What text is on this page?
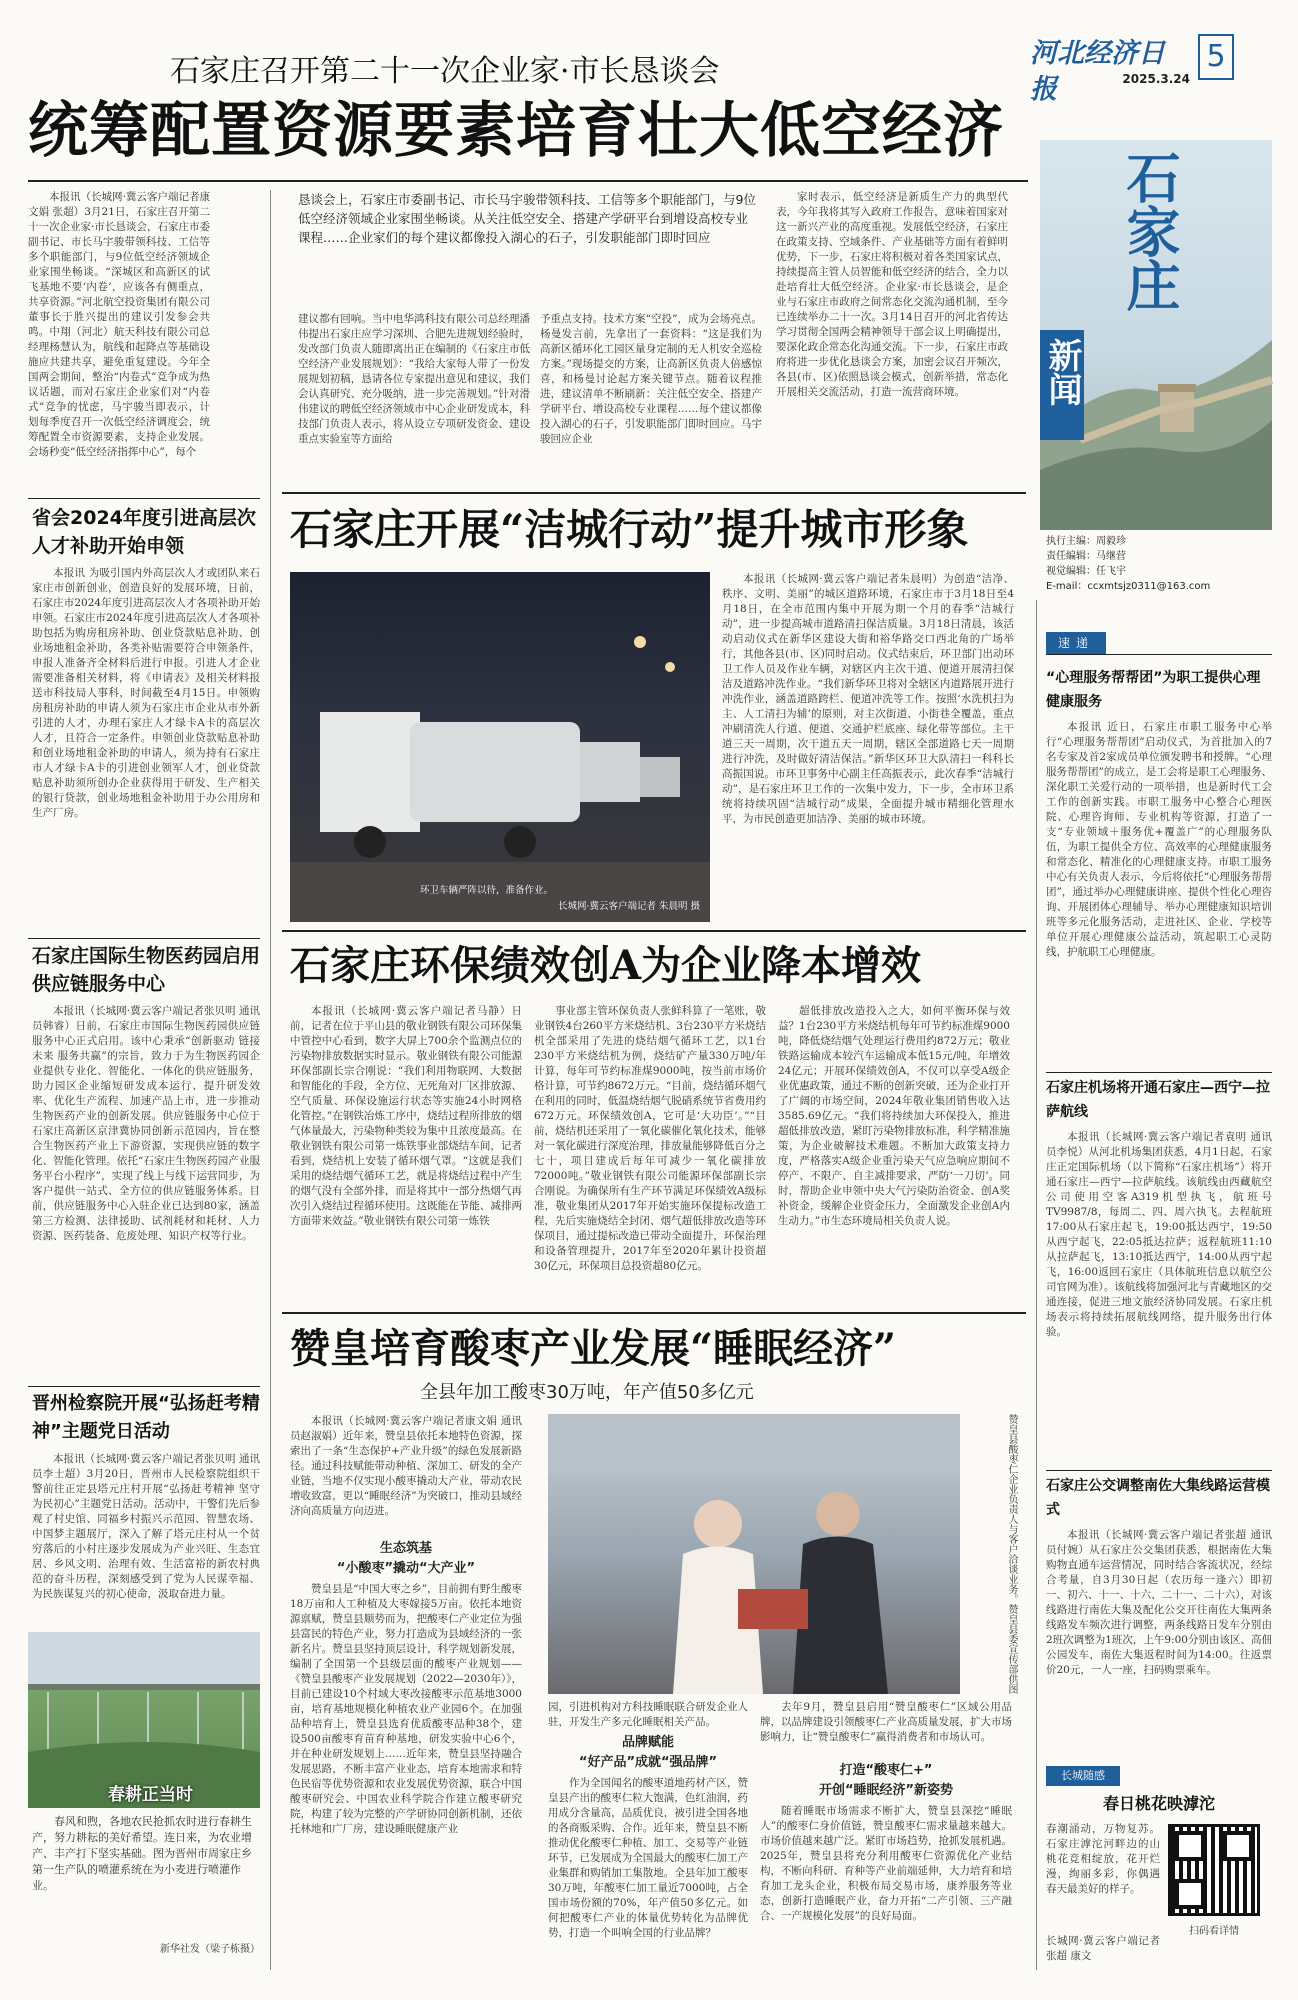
河北经济日报
5
2025.3.24
石家庄召开第二十一次企业家·市长恳谈会
统筹配置资源要素培育壮大低空经济
本报讯（长城网·冀云客户端记者康文娟 张超）3月21日，石家庄召开第二十一次企业家·市长恳谈会，石家庄市委副书记、市长马宇骏带领科技、工信等多个职能部门，与9位低空经济领域企业家围坐畅谈。“深城区和高新区的试飞基地不要‘内卷’，应该各有侧重点，共享资源。”河北航空投资集团有限公司董事长于胜兴提出的建议引发参会共鸣。中翔（河北）航天科技有限公司总经理杨慧认为，航线和起降点等基础设施应共建共享，避免重复建设。今年全国两会期间，整治“内卷式”竞争成为热议话题，而对石家庄企业家们对“内卷式”竞争的忧虑，马宇骏当即表示，计划每季度召开一次低空经济调度会，统筹配置全市资源要素，支持企业发展。会场秒变“低空经济指挥中心”，每个
恳谈会上，石家庄市委副书记、市长马宇骏带领科技、工信等多个职能部门，与9位低空经济领域企业家围坐畅谈。从关注低空安全、搭建产学研平台到增设高校专业课程……企业家们的每个建议都像投入湖心的石子，引发职能部门即时回应
建议都有回响。当中电华鸿科技有限公司总经理潘伟提出石家庄应学习深圳、合肥先进规划经验时，发改部门负责人随即离出正在编制的《石家庄市低空经济产业发展规划》：“我给大家每人带了一份发展规划初稿，恳请各位专家提出意见和建议，我们会认真研究、充分吸纳，进一步完善规划。”针对滑伟建议的聘低空经济领域市中心企业研发成本，科技部门负责人表示，将从设立专项研发资金、建设重点实验室等方面给
予重点支持。技术方案“空投”，成为会场亮点。杨曼发言前，先拿出了一套资料：“这是我们为高新区循环化工园区量身定制的无人机安全巡检方案。”现场提交的方案，让高新区负责人倍感惊喜，和杨曼讨论起方案关键节点。随着议程推进，建议清单不断刷新：关注低空安全、搭建产学研平台、增设高校专业课程……每个建议都像投入湖心的石子，引发职能部门即时回应。马宇骏回应企业
家时表示，低空经济是新质生产力的典型代表，今年我将其写入政府工作报告，意味着国家对这一新兴产业的高度重视。发展低空经济，石家庄在政策支持、空域条件、产业基础等方面有着鲜明优势，下一步，石家庄将积极对着各类国家试点，持续提高主管人员智能和低空经济的结合，全力以赴培育壮大低空经济。企业家·市长恳谈会，是企业与石家庄市政府之间常态化交流沟通机制，至今已连续举办二十一次。3月14日召开的河北省传达学习贯彻全国两会精神领导干部会议上明确提出，要深化政企常态化沟通交流。下一步，石家庄市政府将进一步优化恳谈会方案，加密会议召开频次，各县(市、区)依照恳谈会模式，创新举措，常态化开展相关交流活动，打造一流营商环境。
石家庄
新闻
执行主编：周毅珍
责任编辑：马继营
视觉编辑：任飞宇
E-mail：ccxmtsjz0311@163.com
省会2024年度引进高层次人才补助开始申领
本报讯 为吸引国内外高层次人才或团队来石家庄市创新创业，创造良好的发展环境，日前，石家庄市2024年度引进高层次人才各项补助开始申领。石家庄市2024年度引进高层次人才各项补助包括为购房租房补助、创业贷款贴息补助、创业场地租金补助，各类补贴需要符合申领条件，申报人准备齐全材料后进行申报。引进人才企业需要准备相关材料，将《申请表》及相关材料报送市科技局人事科，时间截至4月15日。申领购房租房补助的申请人须为石家庄市企业从市外新引进的人才，办理石家庄人才绿卡A卡的高层次人才，且符合一定条件。申领创业贷款贴息补助和创业场地租金补助的申请人，须为持有石家庄市人才绿卡A卡的引进创业领军人才，创业贷款贴息补助须所创办企业获得用于研发、生产相关的银行贷款，创业场地租金补助用于办公用房和生产厂房。
石家庄国际生物医药园启用供应链服务中心
本报讯（长城网·冀云客户端记者张贝明 通讯员韩睿）日前，石家庄市国际生物医药园供应链服务中心正式启用。该中心秉承“创新驱动 链接未来 服务共赢”的宗旨，致力于为生物医药园企业提供专业化、智能化、一体化的供应链服务，助力园区企业缩短研发成本运行、提升研发效率、优化生产流程、加速产品上市，进一步推动生物医药产业的创新发展。供应链服务中心位于石家庄高新区京津冀协同创新示范园内，旨在整合生物医药产业上下游资源，实现供应链的数字化、智能化管理。依托“石家庄生物医药园产业服务平台小程序”，实现了线上与线下运营同步，为客户提供一站式、全方位的供应链服务体系。目前，供应链服务中心入驻企业已达到80家，涵盖第三方检测、法律援助、试剂耗材和耗材、人力资源、医药装备、危废处理、知识产权等行业。
晋州检察院开展“弘扬赶考精神”主题党日活动
本报讯（长城网·冀云客户端记者张贝明 通讯员李士超）3月20日，晋州市人民检察院组织干警前往正定县塔元庄村开展“弘扬赶考精神 坚守为民初心”主题党日活动。活动中，干警们先后参观了村史馆、同福乡村振兴示范园、智慧农场、中国梦主题展厅，深入了解了塔元庄村从一个贫穷落后的小村庄逐步发展成为产业兴旺、生态宜居、乡风文明、治理有效、生活富裕的新农村典范的奋斗历程，深刻感受到了党为人民谋幸福、为民族谋复兴的初心使命，汲取奋进力量。
春耕正当时
春风和煦，各地农民抢抓农时进行春耕生产，努力耕耘的美好希望。连日来，为农业增产、丰产打下坚实基础。图为晋州市周家庄乡第一生产队的喷灌系统在为小麦进行喷灌作业。
新华社发（梁子栋摄）
石家庄开展“洁城行动”提升城市形象
环卫车辆严阵以待，准备作业。
长城网·冀云客户端记者 朱晨明 摄
本报讯（长城网·冀云客户端记者朱晨明）为创造“洁净、秩序、文明、美丽”的城区道路环境，石家庄市于3月18日至4月18日，在全市范围内集中开展为期一个月的春季“洁城行动”，进一步提高城市道路清扫保洁质量。3月18日清晨，该活动启动仪式在新华区建设大街和裕华路交口西北角的广场举行，其他各县(市、区)同时启动。仪式结束后，环卫部门出动环卫工作人员及作业车辆，对辖区内主次干道、便道开展清扫保洁及道路冲洗作业。“我们新华环卫将对全辖区内道路展开进行冲洗作业，涵盖道路跨栏、便道冲洗等工作。按照‘水洗机扫为主、人工清扫为辅’的原则，对主次街道、小街巷全覆盖，重点冲刷清洗人行道、便道、交通护栏底座、绿化带等部位。主干道三天一周期，次干道五天一周期，辖区全部道路七天一周期进行冲洗，及时做好清洁保洁。”新华区环卫大队清扫一科科长高振国说。市环卫事务中心副主任高振表示，此次春季“洁城行动”，是石家庄环卫工作的一次集中发力，下一步，全市环卫系统将持续巩固“洁城行动”成果，全面提升城市精细化管理水平，为市民创造更加洁净、美丽的城市环境。
石家庄环保绩效创A为企业降本增效
本报讯（长城网·冀云客户端记者马静）日前，记者在位于平山县的敬业钢铁有限公司环保集中管控中心看到，数字大屏上700余个监测点位的污染物排放数据实时显示。敬业钢铁有限公司能源环保部副长宗合刚说：“我们利用物联网、大数据和智能化的手段，全方位、无死角对厂区排放源、空气质量、环保设施运行状态等实施24小时网格化管控。”在钢铁冶炼工序中，烧结过程所排放的烟气体量最大，污染物种类较为集中且浓度最高。在敬业钢铁有限公司第一炼铁事业部烧结车间，记者看到，烧结机上安装了循环烟气罩。“这就是我们采用的烧结烟气循环工艺，就是将烧结过程中产生的烟气没有全部外排，而是将其中一部分热烟气再次引入烧结过程循环使用。这既能在节能、减排两方面带来效益。”敬业钢铁有限公司第一炼铁
事业部主管环保负责人张鲜科算了一笔账，敬业钢铁4台260平方米烧结机、3台230平方米烧结机全部采用了先进的烧结烟气循环工艺，以1台230平方米烧结机为例，烧结矿产量330万吨/年计算，每年可节约标准煤9000吨，按当前市场价格计算，可节约8672万元。“目前，烧结循环烟气在利用的同时，低温烧结烟气脱硝系统节省费用约672万元。环保绩效创A，它可是‘大功臣’。”“目前，烧结机还采用了一氧化碳催化氧化技术，能够对一氧化碳进行深度治理，排放量能够降低百分之七十，项目建成后每年可减少一氧化碳排放72000吨。”敬业钢铁有限公司能源环保部副长宗合刚说。为确保所有生产环节满足环保绩效A级标准，敬业集团从2017年开始实施环保提标改造工程，先后实施烧结全封闭、烟气超低排放改造等环保项目，通过提标改造已带动全面提升，环保治理和设备管理提升，2017年至2020年累计投资超30亿元，环保项目总投资超80亿元。
超低排放改造投入之大，如何平衡环保与效益？1台230平方米烧结机每年可节约标准煤9000吨，降低烧结烟气处理运行费用约872万元；敬业铁路运输成本较汽车运输成本低15元/吨，年增效24亿元；开展环保绩效创A，不仅可以享受A级企业优惠政策，通过不断的创新突破，还为企业打开了广阔的市场空间，2024年敬业集团销售收入达3585.69亿元。“我们将持续加大环保投入，推进超低排放改造，紧盯污染物排放标准，科学精准施策，为企业破解技术难题。不断加大政策支持力度，严格落实A级企业重污染天气应急响应期间不停产、不限产、自主减排要求，严防‘一刀切’。同时，帮助企业申领中央大气污染防治资金、创A奖补资金，缓解企业资金压力，全面激发企业创A内生动力。”市生态环境局相关负责人说。
赞皇培育酸枣产业发展“睡眠经济”
全县年加工酸枣30万吨，年产值50多亿元
本报讯（长城网·冀云客户端记者康文娟 通讯员赵淑娟）近年来，赞皇县依托本地特色资源，探索出了一条“生态保护+产业升级”的绿色发展新路径。通过科技赋能带动种植、深加工、研发的全产业链，当地不仅实现小酸枣撬动大产业，带动农民增收致富，更以“睡眠经济”为突破口，推动县域经济向高质量方向迈进。
生态筑基
“小酸枣”撬动“大产业”
赞皇县是“中国大枣之乡”，目前拥有野生酸枣18万亩和人工种植及大枣嫁接5万亩。依托本地资源禀赋，赞皇县顺势而为，把酸枣仁产业定位为强县富民的特色产业，努力打造成为县域经济的一张新名片。赞皇县坚持顶层设计，科学规划新发展，编制了全国第一个县级层面的酸枣产业规划——《赞皇县酸枣产业发展规划（2022—2030年）》，目前已建设10个村域大枣改接酸枣示范基地3000亩，培育基地规模化种植农业产业园6个。在加强品种培育上，赞皇县选育优质酸枣品种38个，建设500亩酸枣育苗育种基地，研发实验中心6个，并在种业研发规划上……近年来，赞皇县坚持融合发展思路，不断丰富产业业态，培育本地需求和特色民宿等优势资源和农业发展优势资源，联合中国酸枣研究会、中国农业科学院合作建立酸枣研究院，构建了较为完整的产学研协同创新机制，还依托林地和广厂房，建设睡眠健康产业
赞皇县酸枣仁企业负责人与客户洽谈业务。赞皇县委宣传部供图
园，引进机构对方科技睡眠联合研发企业人驻，开发生产多元化睡眠相关产品。
品牌赋能
“好产品”成就“强品牌”
作为全国闻名的酸枣道地药材产区，赞皇县产出的酸枣仁粒大饱满，色红油润，药用成分含量高，品质优良，被引进全国各地的各商贩采购、合作。近年来，赞皇县不断推动优化酸枣仁种植、加工、交易等产业链环节，已发展成为全国最大的酸枣仁加工产业集群和购销加工集散地。全县年加工酸枣30万吨，年酸枣仁加工量近7000吨，占全国市场份额的70%，年产值50多亿元。如何把酸枣仁产业的体量优势转化为品牌优势，打造一个叫响全国的行业品牌？
去年9月，赞皇县启用“赞皇酸枣仁”区域公用品牌，以品牌建设引领酸枣仁产业高质量发展，扩大市场影响力，让“赞皇酸枣仁”赢得消费者和市场认可。
打造“酸枣仁+”
开创“睡眠经济”新姿势
随着睡眠市场需求不断扩大，赞皇县深挖“睡眠人”的酸枣仁身价值链，赞皇酸枣仁需求量越来越大。市场价值越来越广泛。紧盯市场趋势，抢抓发展机遇。2025年，赞皇县将充分利用酸枣仁资源优化产业结构，不断向科研、育种等产业前端延伸，大力培育和培育加工龙头企业，积极布局交易市场，康养服务等业态，创新打造睡眠产业，奋力开拓“二产引领、三产融合、一产规模化发展”的良好局面。
速递
“心理服务帮帮团”为职工提供心理健康服务
本报讯 近日，石家庄市职工服务中心举行“心理服务帮帮团”启动仪式，为首批加入的7名专家及首2家成员单位颁发聘书和授牌。“心理服务帮帮团”的成立，是工会将是职工心理服务、深化职工关爱行动的一项举措，也是新时代工会工作的创新实践。市职工服务中心整合心理医院、心理咨询师、专业机构等资源，打造了一支“专业领域＋服务优+覆盖广”的心理服务队伍，为职工提供全方位、高效率的心理健康服务和常态化、精准化的心理健康支持。市职工服务中心有关负责人表示，今后将依托“心理服务帮帮团”，通过举办心理健康讲座、提供个性化心理咨询、开展团体心理辅导、举办心理健康知识培训班等多元化服务活动，走进社区、企业、学校等单位开展心理健康公益活动，筑起职工心灵防线，护航职工心理健康。
石家庄机场将开通石家庄—西宁—拉萨航线
本报讯（长城网·冀云客户端记者袁明 通讯员李悦）从河北机场集团获悉，4月1日起，石家庄正定国际机场（以下简称“石家庄机场”）将开通石家庄—西宁—拉萨航线。该航线由西藏航空公司使用空客A319机型执飞，航班号TV9987/8，每周二、四、周六执飞。去程航班17:00从石家庄起飞，19:00抵达西宁，19:50从西宁起飞，22:05抵达拉萨；返程航班11:10从拉萨起飞，13:10抵达西宁，14:00从西宁起飞，16:00返回石家庄（具体航班信息以航空公司官网为准）。该航线将加强河北与青藏地区的交通连接，促进三地文旅经济协同发展。石家庄机场表示将持续拓展航线网络，提升服务出行体验。
石家庄公交调整南佐大集线路运营模式
本报讯（长城网·冀云客户端记者张超 通讯员付婉）从石家庄公交集团获悉，根据南佐大集购物直通车运营情况，同时结合客流状况，经综合考量，自3月30日起（农历每一逢六）即初一、初六、十一、十六、二十一、二十六），对该线路进行南佐大集及配化公交开往南佐大集两条线路发车频次进行调整，两条线路日发车分别由2班次调整为1班次，上午9:00分别由该区、高佃公园发车，南佐大集返程时间为14:00。往返票价20元，一人一座，扫码购票乘车。
长城随感
春日桃花映滹沱
春潮涌动，万物复苏。石家庄滹沱河畔边的山桃花竞相绽放，花开烂漫，绚丽多彩，你偶遇春天最美好的样子。
长城网·冀云客户端记者 张超 康文
扫码看详情
